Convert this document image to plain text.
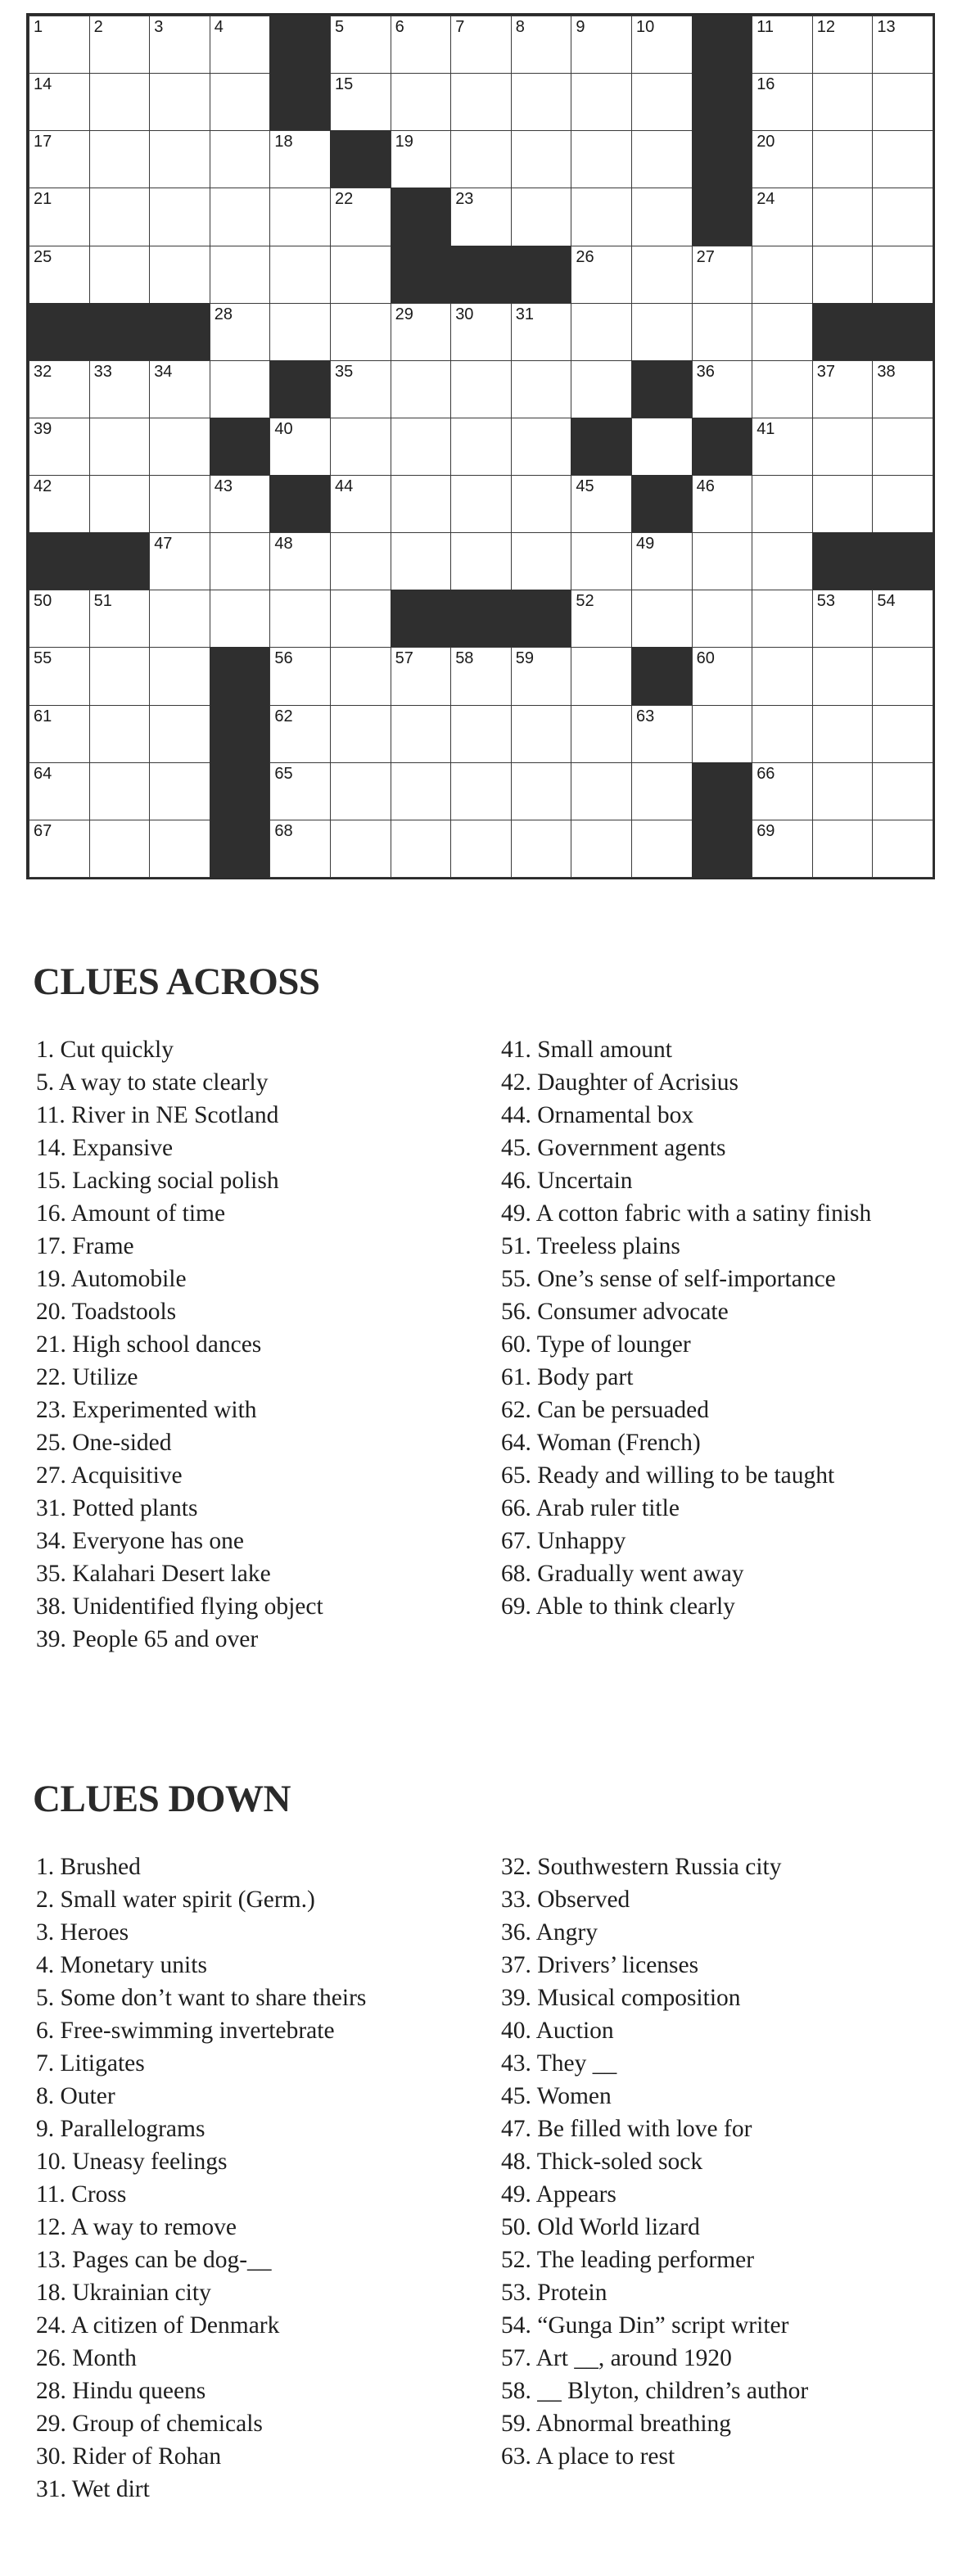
1	2	3	4	5	6	7	8	9	10	11	12	13
14	15	16
17	18	19	20
21	22	23	24
25	26	27
28	29	30	31
32	33	34	35	36	37	38
39	40	41
42	43	44	45	46
47	48	49
50	51	52	53	54
55	56	57	58	59	60
61	62	63
64	65	66
67	68	69
CLUES ACROSS
1. Cut quickly
5. A way to state clearly
11. River in NE Scotland
14. Expansive
15. Lacking social polish
16. Amount of time
17. Frame
19. Automobile
20. Toadstools
21. High school dances
22. Utilize
23. Experimented with
25. One-sided
27. Acquisitive
31. Potted plants
34. Everyone has one
35. Kalahari Desert lake
38. Unidentified flying object
39. People 65 and over
41. Small amount
42. Daughter of Acrisius
44. Ornamental box
45. Government agents
46. Uncertain
49. A cotton fabric with a satiny finish
51. Treeless plains
55. One’s sense of self-importance
56. Consumer advocate
60. Type of lounger
61. Body part
62. Can be persuaded
64. Woman (French)
65. Ready and willing to be taught
66. Arab ruler title
67. Unhappy
68. Gradually went away
69. Able to think clearly
CLUES DOWN
1. Brushed
2. Small water spirit (Germ.)
3. Heroes
4. Monetary units
5. Some don’t want to share theirs
6. Free-swimming invertebrate
7. Litigates
8. Outer
9. Parallelograms
10. Uneasy feelings
11. Cross
12. A way to remove
13. Pages can be dog-__
18. Ukrainian city
24. A citizen of Denmark
26. Month
28. Hindu queens
29. Group of chemicals
30. Rider of Rohan
31. Wet dirt
32. Southwestern Russia city
33. Observed
36. Angry
37. Drivers’ licenses
39. Musical composition
40. Auction
43. They __
45. Women
47. Be filled with love for
48. Thick-soled sock
49. Appears
50. Old World lizard
52. The leading performer
53. Protein
54. “Gunga Din” script writer
57. Art __, around 1920
58. __ Blyton, children’s author
59. Abnormal breathing
63. A place to rest
